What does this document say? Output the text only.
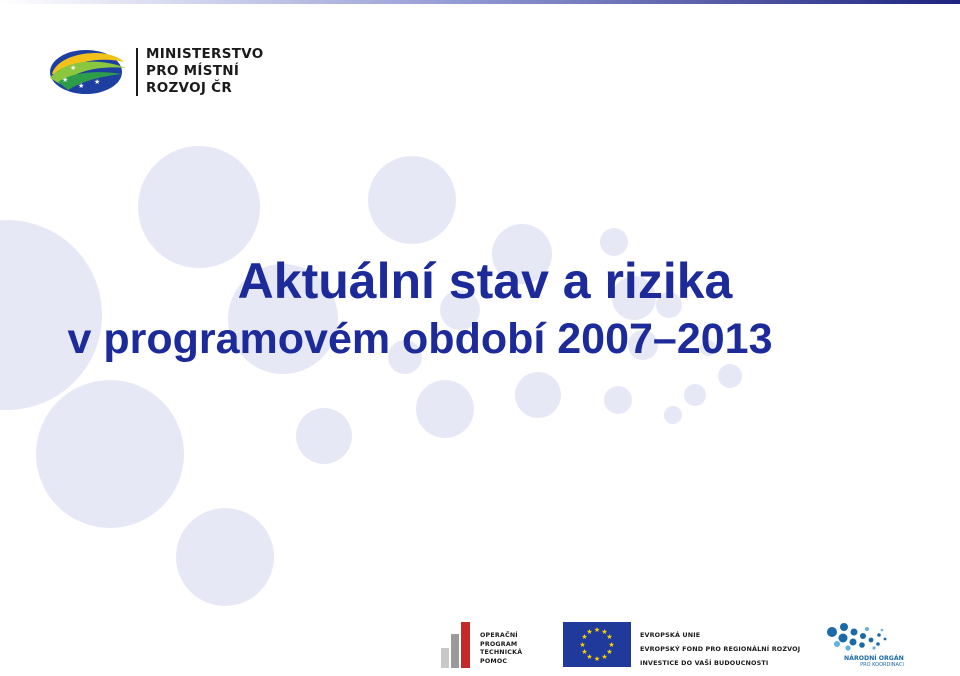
★
★
★
★
MINISTERSTVO
PRO MÍSTNÍ
ROZVOJ ČR
Aktuální stav a rizika
v programovém období 2007–2013
OPERAČNÍ
PROGRAM
TECHNICKÁ
POMOC
★ ★
★
★
★
★
★
★
★
★
★
★	EVROPSKÁ UNIE
EVROPSKÝ FOND PRO REGIONÁLNÍ ROZVOJ
INVESTICE DO VAŠÍ BUDOUCNOSTI
NÁRODNÍ ORGÁN
PRO KOORDINACI
